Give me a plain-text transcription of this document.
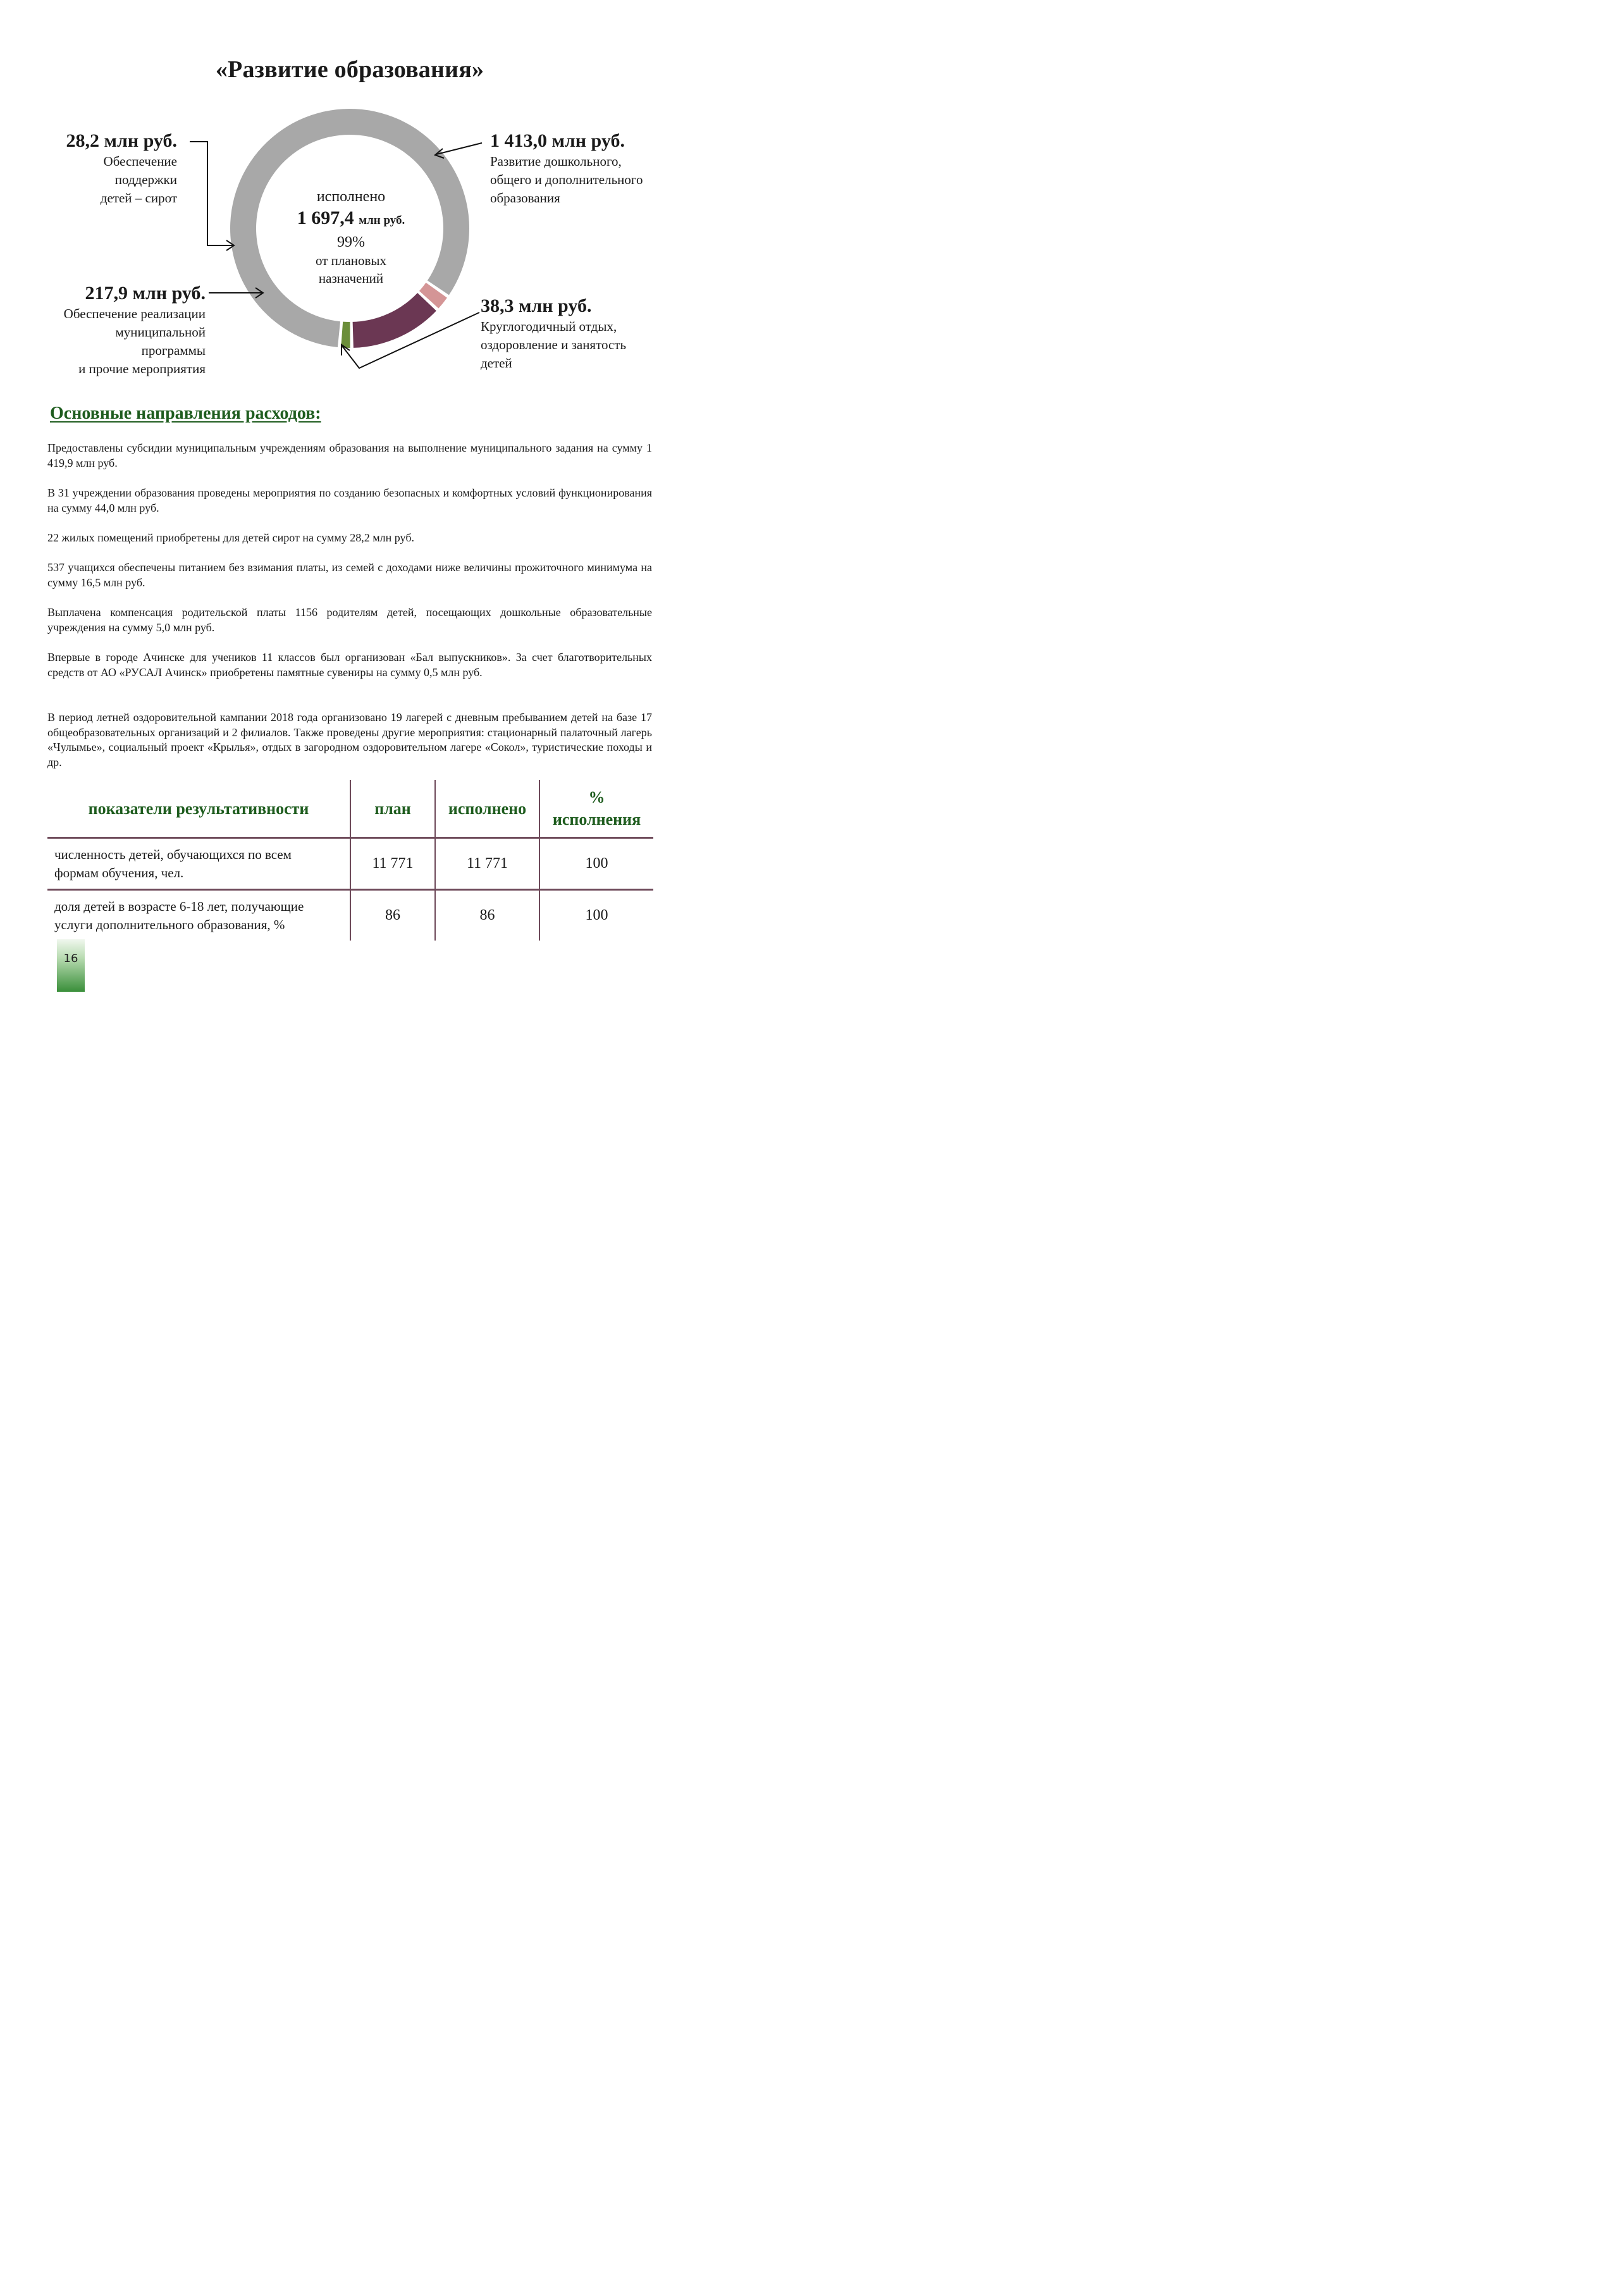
«Развитие образования»
исполнено
1 697,4 млн руб.
99%
от плановых
назначений
28,2 млн руб.
Обеспечение
поддержки
детей – сирот
1 413,0 млн руб.
Развитие дошкольного,
общего и дополнительного
образования
217,9 млн руб.
Обеспечение реализации
муниципальной
программы
и прочие мероприятия
38,3 млн руб.
Круглогодичный отдых,
оздоровление и занятость
детей
Основные направления расходов:
Предоставлены субсидии муниципальным учреждениям образования на выполнение муниципального задания на сумму 1 419,9 млн руб.
В 31 учреждении образования проведены мероприятия по созданию безопасных и комфортных условий функционирования на сумму 44,0 млн руб.
22 жилых помещений приобретены для детей сирот на сумму 28,2 млн руб.
537 учащихся обеспечены питанием без взимания платы, из семей с доходами ниже величины прожиточного минимума на сумму 16,5 млн руб.
Выплачена компенсация родительской платы 1156 родителям детей, посещающих дошкольные образовательные учреждения на сумму 5,0 млн руб.
Впервые в городе Ачинске для учеников 11 классов был организован «Бал выпускников». За счет благотворительных средств от АО «РУСАЛ Ачинск» приобретены памятные сувениры на сумму 0,5 млн руб.
В период летней оздоровительной кампании 2018 года организовано 19 лагерей с дневным пребыванием детей на базе 17 общеобразовательных организаций и 2 филиалов. Также проведены другие мероприятия: стационарный палаточный лагерь «Чулымье», социальный проект «Крылья», отдых в загородном оздоровительном лагере «Сокол», туристические походы и др.
показатели результативности	план	исполнено	%
исполнения

численность детей, обучающихся по всем
формам обучения, чел.	11 771	11 771	100

доля детей в возрасте 6-18 лет, получающие
услуги дополнительного образования, %	86	86	100
16
